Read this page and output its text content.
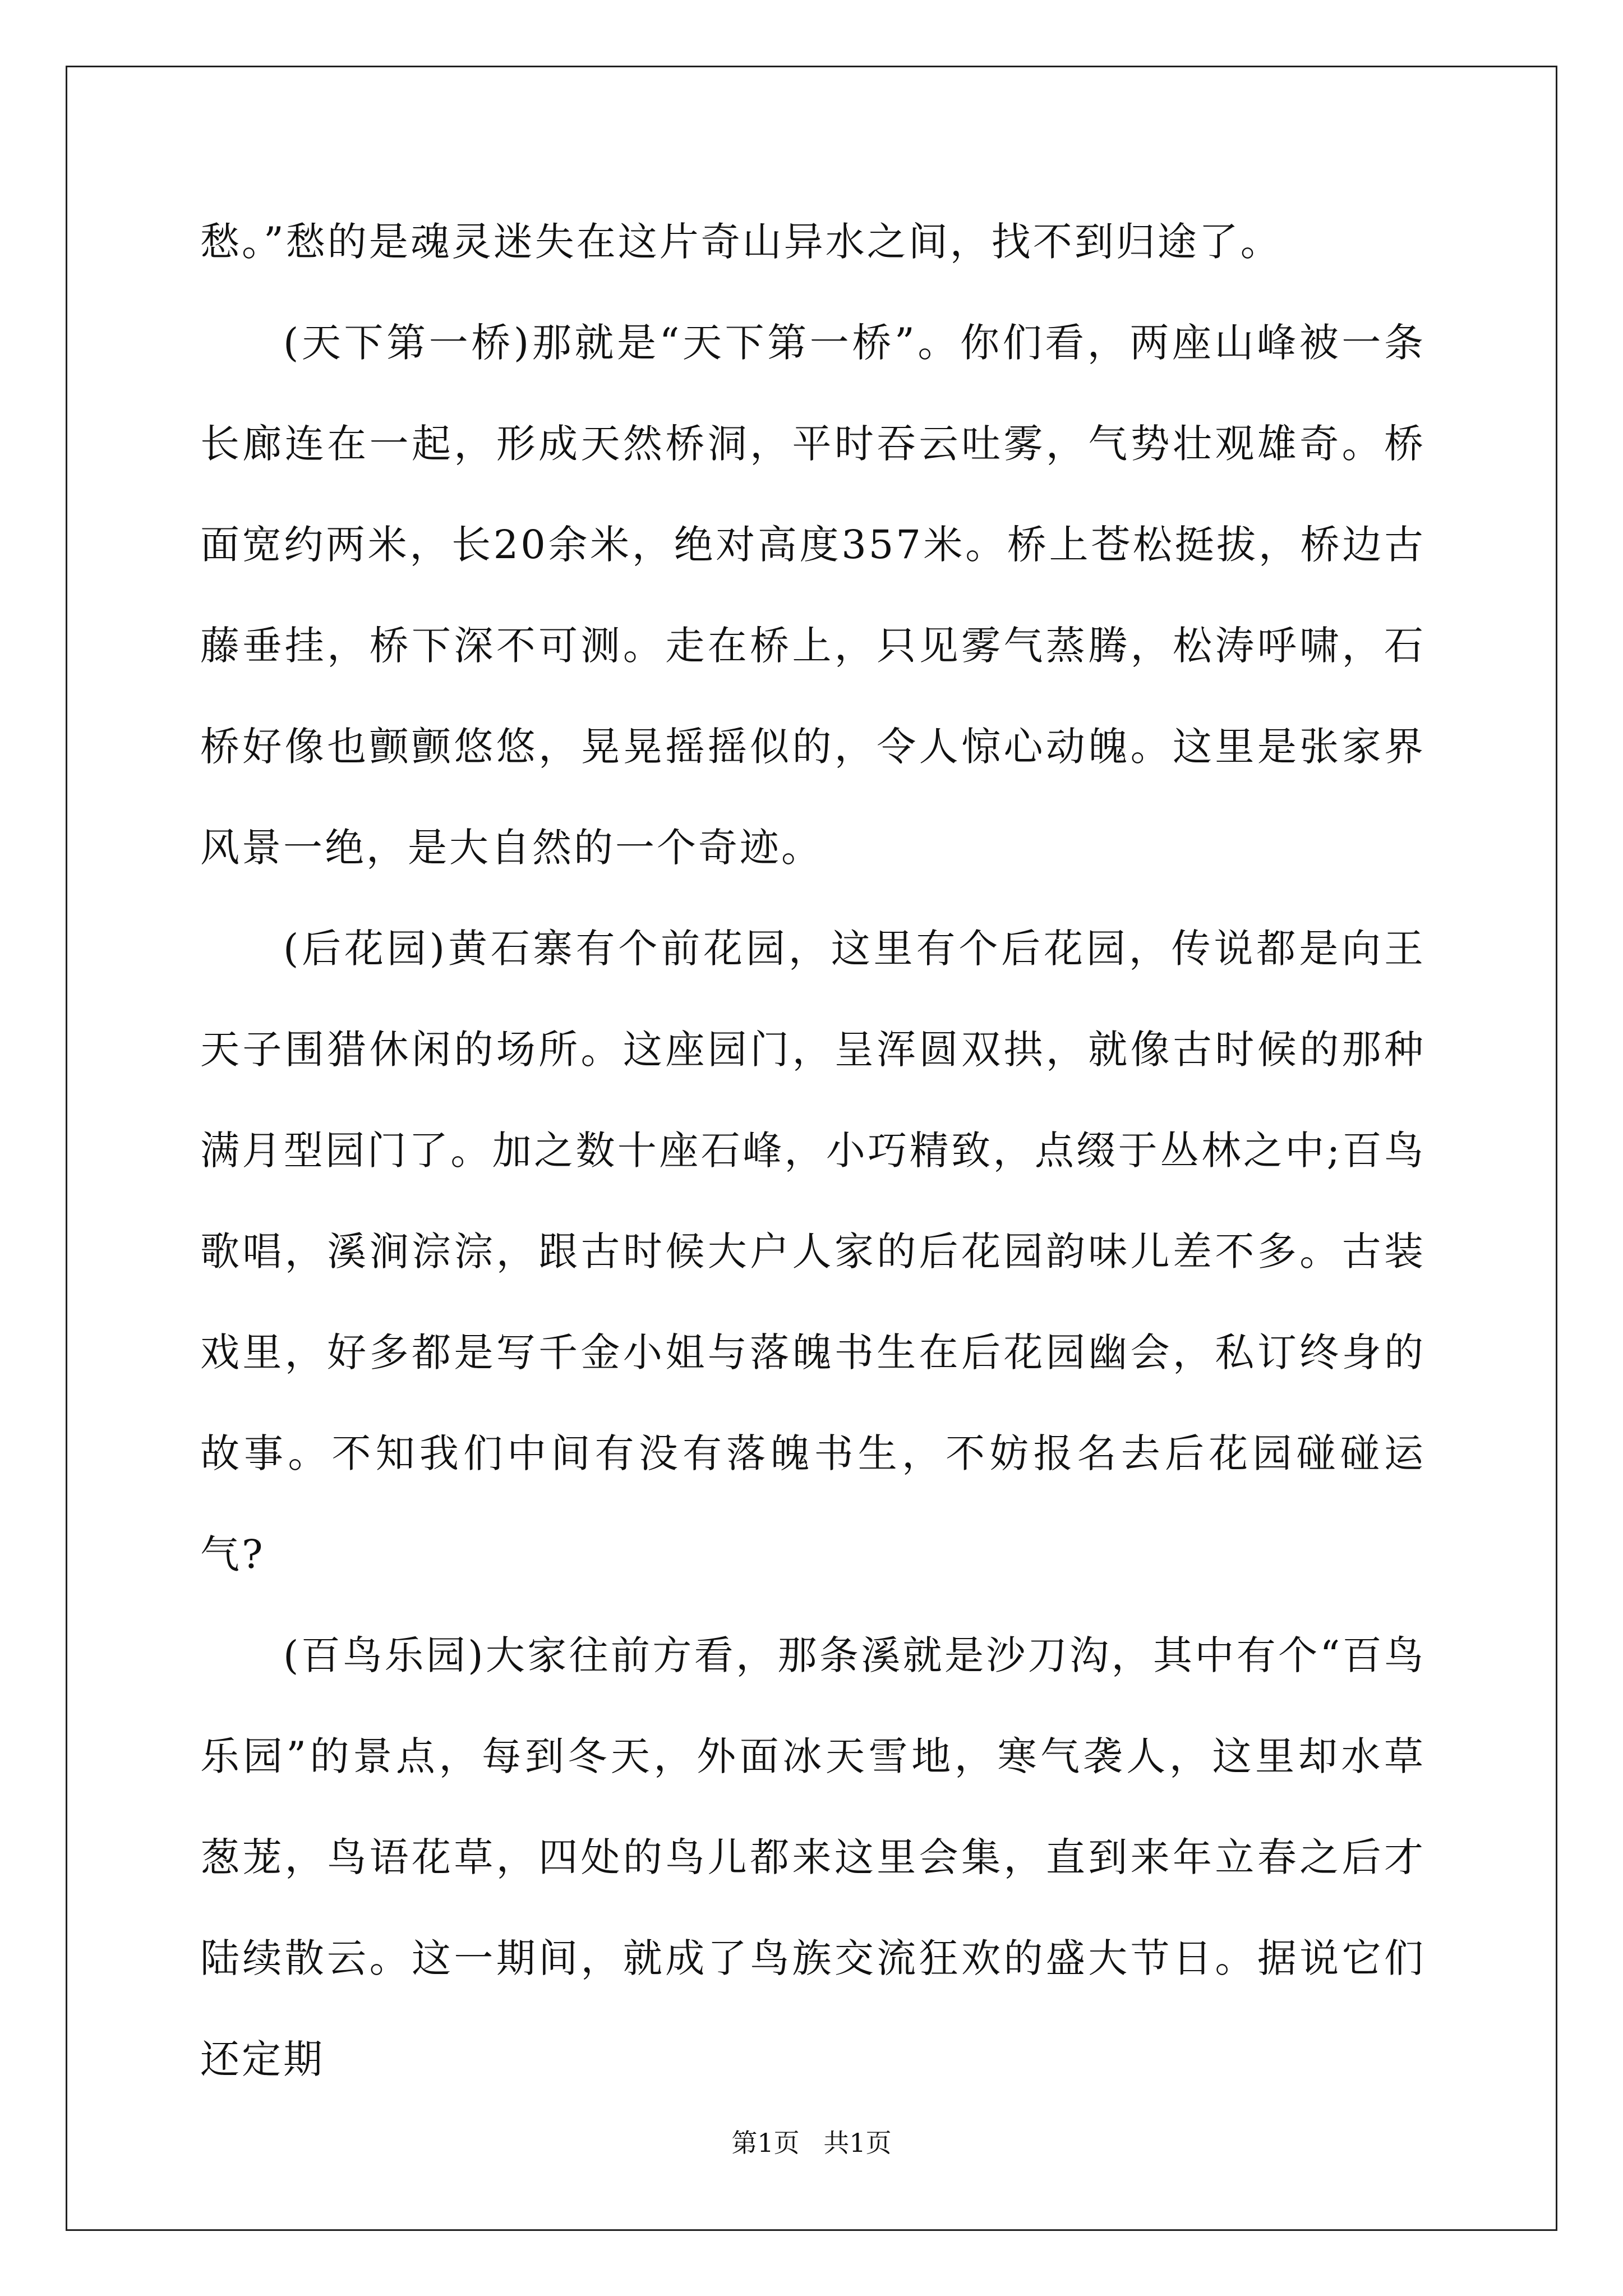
愁。”愁的是魂灵迷失在这片奇山异水之间，找不到归途了。

(天下第一桥)那就是“天下第一桥”。你们看，两座山峰被一条长廊连在一起，形成天然桥洞，平时吞云吐雾，气势壮观雄奇。桥面宽约两米，长20余米，绝对高度357米。桥上苍松挺拔，桥边古藤垂挂，桥下深不可测。走在桥上，只见雾气蒸腾，松涛呼啸，石桥好像也颤颤悠悠，晃晃摇摇似的，令人惊心动魄。这里是张家界风景一绝，是大自然的一个奇迹。

(后花园)黄石寨有个前花园，这里有个后花园，传说都是向王天子围猎休闲的场所。这座园门，呈浑圆双拱，就像古时候的那种满月型园门了。加之数十座石峰，小巧精致，点缀于丛林之中;百鸟歌唱，溪涧淙淙，跟古时候大户人家的后花园韵味儿差不多。古装戏里，好多都是写千金小姐与落魄书生在后花园幽会，私订终身的故事。不知我们中间有没有落魄书生，不妨报名去后花园碰碰运气?

(百鸟乐园)大家往前方看，那条溪就是沙刀沟，其中有个“百鸟乐园”的景点，每到冬天，外面冰天雪地，寒气袭人，这里却水草葱茏，鸟语花草，四处的鸟儿都来这里会集，直到来年立春之后才陆续散云。这一期间，就成了鸟族交流狂欢的盛大节日。据说它们还定期

第1页 共1页
